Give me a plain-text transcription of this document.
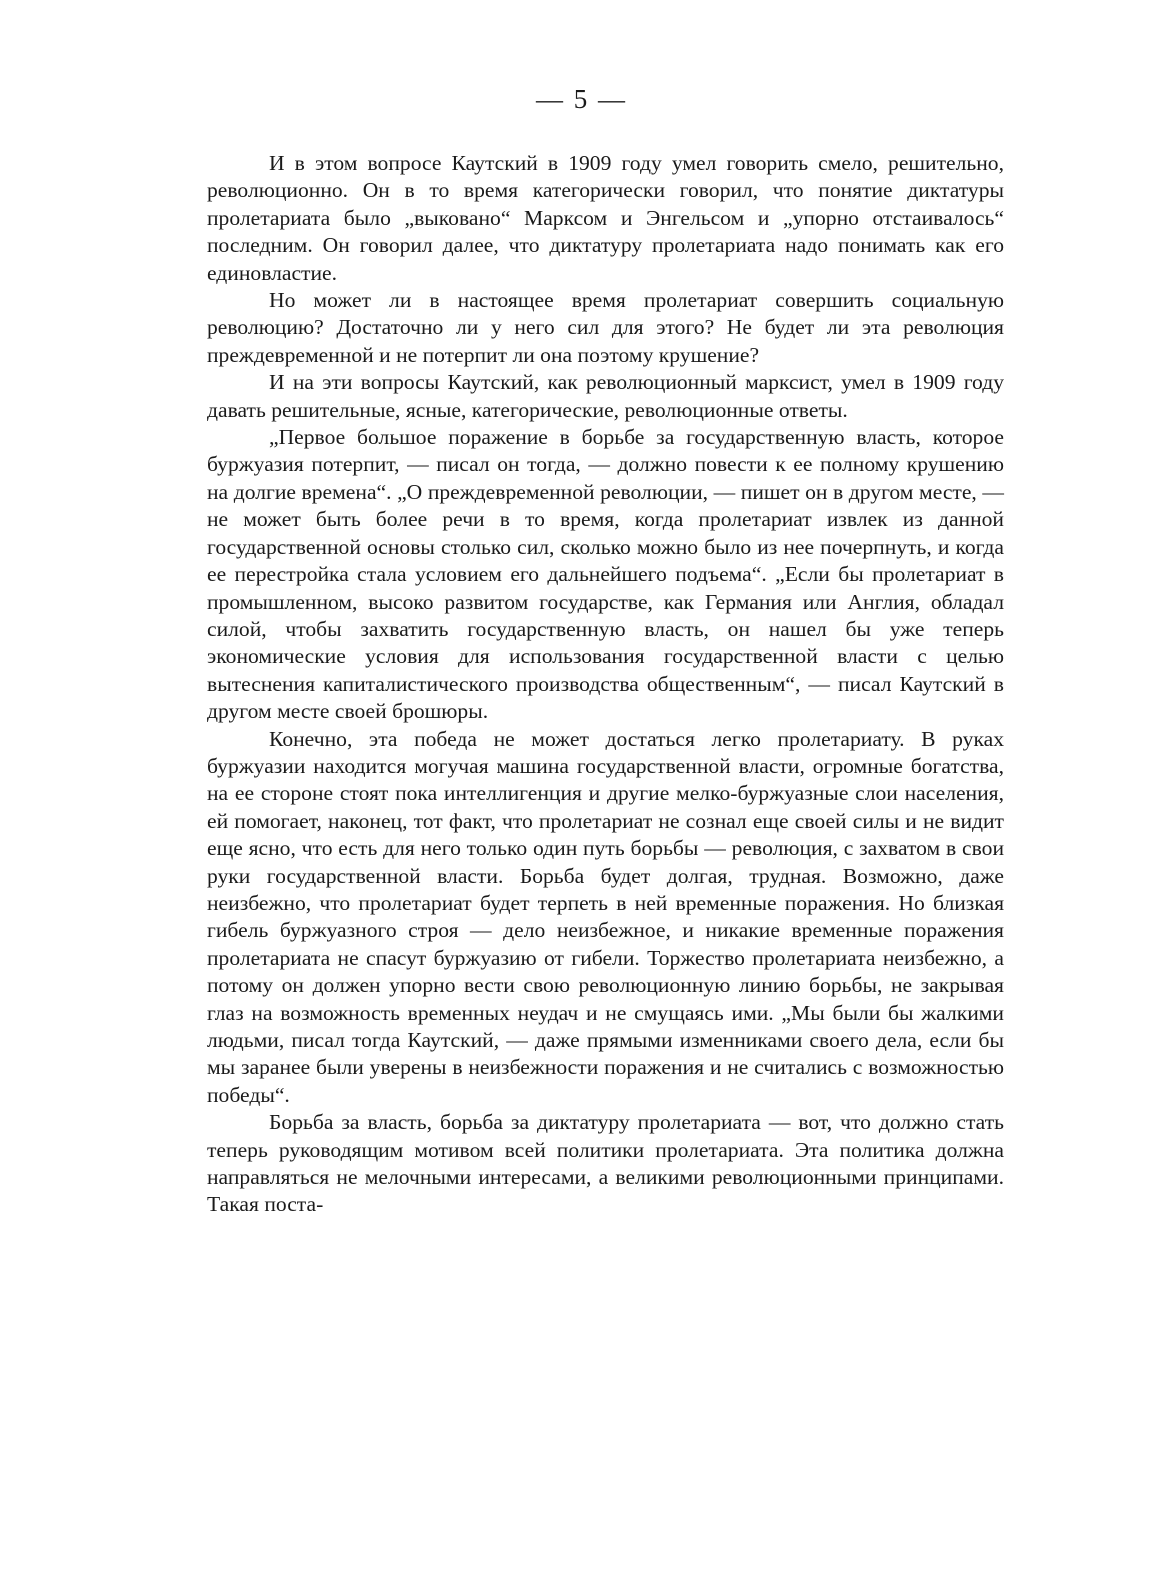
— 5 —

И в этом вопросе Каутский в 1909 году умел говорить смело, решительно, революционно. Он в то время категорически говорил, что понятие диктатуры пролетариата было „выковано“ Марксом и Энгельсом и „упорно отстаивалось“ последним. Он говорил далее, что диктатуру пролетариата надо понимать как его единовластие.

Но может ли в настоящее время пролетариат совершить социальную революцию? Достаточно ли у него сил для этого? Не будет ли эта революция преждевременной и не потерпит ли она поэтому крушение?

И на эти вопросы Каутский, как революционный марксист, умел в 1909 году давать решительные, ясные, категорические, революционные ответы.

„Первое большое поражение в борьбе за государственную власть, которое буржуазия потерпит, — писал он тогда, — должно повести к ее полному крушению на долгие времена“. „О преждевременной революции, — пишет он в другом месте, — не может быть более речи в то время, когда пролетариат извлек из данной государственной основы столько сил, сколько можно было из нее почерпнуть, и когда ее перестройка стала условием его дальнейшего подъема“. „Если бы пролетариат в промышленном, высоко развитом государстве, как Германия или Англия, обладал силой, чтобы захватить государственную власть, он нашел бы уже теперь экономические условия для использования государственной власти с целью вытеснения капиталистического производства общественным“, — писал Каутский в другом месте своей брошюры.

Конечно, эта победа не может достаться легко пролетариату. В руках буржуазии находится могучая машина государственной власти, огромные богатства, на ее стороне стоят пока интеллигенция и другие мелко-буржуазные слои населения, ей помогает, наконец, тот факт, что пролетариат не сознал еще своей силы и не видит еще ясно, что есть для него только один путь борьбы — революция, с захватом в свои руки государственной власти. Борьба будет долгая, трудная. Возможно, даже неизбежно, что пролетариат будет терпеть в ней временные поражения. Но близкая гибель буржуазного строя — дело неизбежное, и никакие временные поражения пролетариата не спасут буржуазию от гибели. Торжество пролетариата неизбежно, а потому он должен упорно вести свою революционную линию борьбы, не закрывая глаз на возможность временных неудач и не смущаясь ими. „Мы были бы жалкими людьми, писал тогда Каутский, — даже прямыми изменниками своего дела, если бы мы заранее были уверены в неизбежности поражения и не считались с возможностью победы“.

Борьба за власть, борьба за диктатуру пролетариата — вот, что должно стать теперь руководящим мотивом всей политики пролетариата. Эта политика должна направляться не мелочными интересами, а великими революционными принципами. Такая поста-
